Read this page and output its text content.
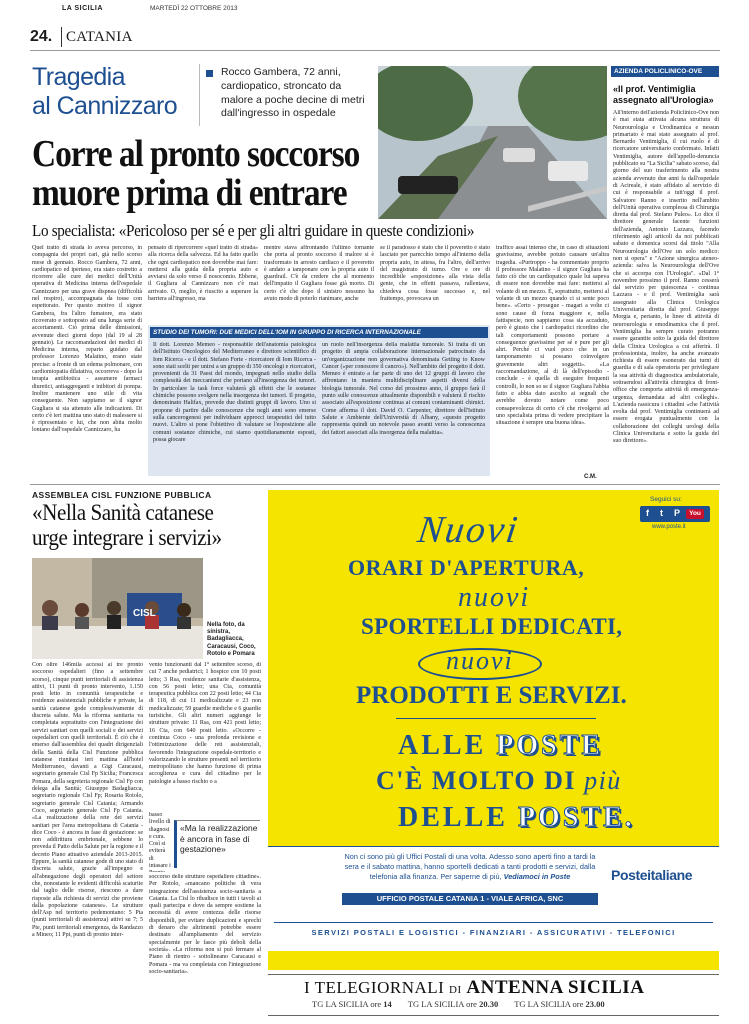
LA SICILIA	MARTEDÌ 22 OTTOBRE 2013
24. CATANIA
Tragedia
al Cannizzaro
Rocco Gambera, 72 anni, cardiopatico, stroncato da malore a poche decine di metri dall'ingresso in ospedale
Corre al pronto soccorso
muore prima di entrare
Lo specialista: «Pericoloso per sé e per gli altri guidare in queste condizioni»
Quel tratto di strada lo aveva percorso, in compagnia dei propri cari, già nello scorso mese di gennaio. Rocco Gambera, 72 anni, cardiopatico ed iperteso, era stato costretto a ricorrere alle cure dei medici dell'Unità operativa di Medicina interna dell'ospedale Cannizzaro per una grave dispnea (difficoltà nel respiro), accompagnata da tosse con espettorato. Per questo motivo il signor Gambera, fra l'altro fumatore, era stato ricoverato e sottoposto ad una lunga serie di accertamenti. Ciò prima delle dimissioni, avvenute dieci giorni dopo (dal 19 al 28 gennaio). Le raccomandazioni dei medici di Medicina interna, reparto guidato dal professor Lorenzo Malatino, erano state precise: a fronte di un edema polmonare, con cardiomiopatia dilatativa, occorreva - dopo la terapia antibiotica - assumere farmaci diuretici, antiaggreganti e inibitori di pompa. Inoltre mantenere uno stile di vita conseguente. Non sappiamo se il signor Gugliara si sia attenuto alle indicazioni. Di certo c'è ieri mattina uno stato di malessere si è ripresentato e lui, che non abita molto lontano dall'ospedale Cannizzaro, ha
pensato di ripercorrere «quel tratto di strada» alla ricerca della salvezza. Ed ha fatto quello che ogni cardiopatico non dovrebbe mai fare: mettersi alla guida della propria auto e avviarsi da solo verso il nosocomio. Ebbene, il Gugliara al Cannizzaro non c'è mai arrivato. O, meglio, è riuscito a superare la barriera all'ingresso, ma
mentre stava affrontando l'ultimo tornante che porta al pronto soccorso il malore si è trasformato in arresto cardiaco e il poveretto è andato a tamponare con la propria auto il guardrail. C'è da credere che al momento dell'impatto il Gugliara fosse già morto. Di certo c'è che dopo il sinistro nessuno ha avuto modo di poterlo rianimare, anche
se il paradosso è stato che il poveretto è stato lasciato per parecchio tempo all'interno della propria auto, in attesa, fra l'altro, dell'arrivo del magistrato di turno. Ore e ore di incredibile «esposizione» alla vista della gente, che in effetti passava, rallentava, chiedeva cosa fosse successo e, nel frattempo, provocava un
traffico assai intenso che, in caso di situazioni gravissime, avrebbe potuto causare un'altra tragedia. «Purtroppo - ha commentato proprio il professore Malatino - il signor Gugliara ha fatto ciò che un cardiopatico quale lui sapeva di essere non dovrebbe mai fare: mettersi al volante di un mezzo. È, soprattutto, mettersi al volante di un mezzo quando ci si sente poco bene». «Certo - prosegue - magari a volte ci sono cause di forza maggiore e, nella fattispecie, non sappiamo cosa sia accaduto, però è giusto che i cardiopatici ricordino che tali comportamenti possono portare a conseguenze gravissime per sé e pure per gli altri. Perché ci vuol poco che in un tamponamento si possano coinvolgere gravemente altri soggetti». «La raccomandazione, al di là dell'episodio - conclude - è quella di eseguire frequenti controlli, lo non so se il signor Gugliara l'abbia fatto e abbia dato ascolto ai segnali che avrebbe dovuto notare come poco consapevolezza di certo c'è che rivolgersi ad uno specialista prima di vedere precipitare la situazione è sempre una buona idea».
C.M.
STUDIO DEI TUMORI: DUE MEDICI DELL'IOM IN GRUPPO DI RICERCA INTERNAZIONALE
Il dott. Lorenzo Memeo - responsabile dell'anatomia patologica dell'Istituto Oncologico del Mediterraneo e direttore scientifico di Iom Ricerca - e il dott. Stefano Forte - ricercatore di Iom Ricerca - sono stati scelti per unirsi a un gruppo di 350 oncologi e ricercatori, provenienti da 31 Paesi del mondo, impegnati nello studio della complessità dei meccanismi che portano all'insorgenza dei tumori. In particolare la task force valuterà gli effetti che le sostanze chimiche possono svolgere nella insorgenza dei tumori. Il progetto, denominato Halifax, prevede due distinti gruppi di lavoro. Uno si propone di partire dalle conoscenze che negli anni sono emerse sulla cancerogenesi per individuare approcci terapeutici del tutto nuovi. L'altro si pone l'obiettivo di valutare se l'esposizione alle comuni sostanze chimiche, cui siamo quotidianamente esposti, possa giocare
un ruolo nell'insorgenza della malattia tumorale. Si tratta di un progetto di ampia collaborazione internazionale patrocinato da un'organizzazione non governativa denominata Getting to Know Cancer («per conoscere il cancro»). Nell'ambito del progetto il dott. Memeo è entrato a far parte di uno dei 12 gruppi di lavoro che affrontano in maniera multidisciplinare aspetti diversi della biologia tumorale. Nel corso del prossimo anno, il gruppo farà il punto sulle conoscenze attualmente disponibili e valuterà il rischio associato all'esposizione continua ai comuni contaminanti chimici. Come afferma il dott. David O. Carpenter, direttore dell'Istituto Salute e Ambiente dell'Università di Albany, «questo progetto rappresenta quindi un notevole passo avanti verso la conoscenza dei fattori associati alla insorgenza della malattia».
AZIENDA POLICLINICO-OVE
«Il prof. Ventimiglia assegnato all'Urologia»
All'interno dell'azienda Policlinico-Ove non è mai stata attivata alcuna struttura di Neurourologia e Urodinamica e nessun primariato è mai stato assegnato al prof. Bernardo Ventimiglia, il cui ruolo è di ricercatore universitario confermato. Infatti Ventimiglia, autore dell'appello-denuncia pubblicato su "La Sicilia" sabato scorso, dal giorno del suo trasferimento alla nostra azienda avvenuto due anni fa dall'ospedale di Acireale, è stato affidato al servizio di cui è responsabile a tutt'oggi il prof. Salvatore Ranno e inserito nell'ambito dell'Unità operativa complessa di Chirurgia diretta dal prof. Stefano Puleo». Lo dice il direttore generale facente funzioni dell'azienda, Antonio Lazzara, facendo riferimento agli articoli da noi pubblicati sabato e domenica scorsi dal titolo "Alla Neurourologia dell'Ove un solo medico: non si opera" e "Azione sinergica ateneo-azienda: salva la Neurourologia dell'Ove che si accorpa con l'Urologia". «Dal 1° novembre prossimo il prof. Ranno cesserà dal servizio per quiescenza - continua Lazzara - e il prof. Ventimiglia sarà assegnato alla Clinica Urologica Universitaria diretta dal prof. Giuseppe Morgia e, pertanto, le linee di attività di neurourologia e emodinamica che il prof. Ventimiglia ha sempre curato potranno essere garantite sotto la guida del direttore della Clinica Urologica a cui afferirà. Il professionista, inoltre, ha anche avanzato richiesta di essere esonerato dai turni di guardia e di sala operatoria per privilegiare la sua attività di diagnostica ambulatoriale, sottraendosi all'attività chirurgica di front-office che comporta attività di emergenza-urgenza, demandata ad altri colleghi». L'azienda rassicura i cittadini «che l'attività svolta dal prof. Ventimiglia continuerà ad essere erogata puntualmente con la collaborazione dei colleghi urologi della Clinica Universitaria e sotto la guida del suo direttore».
ASSEMBLEA CISL FUNZIONE PUBBLICA
«Nella Sanità catanese
urge integrare i servizi»
CISL
Nella foto, da sinistra, Badagliacca, Caracausi, Coco, Rotolo e Pomara
Con oltre 146mila accessi ai tre pronto soccorso ospedalieri (fino a settembre scorso), cinque punti territoriali di assistenza attivi, 11 punti di pronto intervento, 1.150 posti letto in comunità terapeutiche e residenze assistenziali pubbliche e private, la sanità catanese gode complessivamente di discreta salute. Ma la riforma sanitaria va completata soprattutto con l'integrazione dei servizi sanitari con quelli sociali e dei servizi ospedalieri con quelli territoriali. È ciò che è emerso dall'assemblea dei quadri dirigenziali della Sanità della Cisl Funzione pubblica catanese riunitasi ieri mattina all'hotel Mediterraneo, davanti a Gigi Caracausi, segretario generale Cisl Fp Sicilia; Francesca Pomara, della segreteria regionale Cisl Fp con delega alla Sanità; Giuseppe Badagliacca, segretario regionale Cisl Fp; Rosaria Rotolo, segretario generale Cisl Catania; Armando Coco, segretario generale Cisl Fp Catania. «La realizzazione della rete dei servizi sanitari per l'area metropolitana di Catania - dice Coco - è ancora in fase di gestazione: se non addirittura embrionale, sebbene lo preveda il Patto della Salute per la regione e il decreto Piano attuativo aziendale 2013-2015. Eppure, la sanità catanese gode di uno stato di discreta salute, grazie all'impegno e all'abnegazione degli operatori del settore che, nonostante le evidenti difficoltà scaturite dal taglio delle risorse, riescono a dare risposte alla richiesta di servizi che proviene dalla popolazione catanese». Le strutture dell'Asp nel territorio pedemontano: 5 Pta (punti territoriali di assistenza) attivi su 7; 5 Pte, punti territoriali emergenza, da Randazzo a Mineo; 11 Ppi, punti di pronto inter-
vento funzionanti dal 1° settembre scorso, di cui 7 anche pediatrici; 1 hospice con 10 posti letto; 3 Rsa, residenze sanitarie d'assistenza, con 56 posti letto; una Cta, comunità terapeutica pubblica con 22 posti letto; 44 Cta di 118, di cui 11 medicalizzate e 23 non medicalizzate; 59 guardie mediche e 6 guardie turistiche. Gli altri numeri aggiunge le strutture private: 11 Rsa, con 421 posti letto; 16 Cta, con 640 posti letto. «Occorre - continua Coco - una profonda revisione e l'ottimizzazione delle reti assistenziali, favorendo l'integrazione ospedale-territorio e valorizzando le strutture presenti nel territorio metropolitano che hanno funzione di prima accoglienza e cura del cittadino per le patologie a basso rischio o a
basso livello di diagnosi e cura. Così si eviterà di intasare i
«Ma la realizzazione è ancora in fase di gestazione»
soccorso delle strutture ospedaliere cittadine». Per Rotolo, «mancano politiche di vera integrazione dell'assistenza socio-sanitaria a Catania. La Cisl lo ribadisce in tutti i tavoli ai quali partecipa e dove da sempre sostiene la necessità di avere contezza delle risorse disponibili, per evitare duplicazioni e sprechi di denaro che altrimenti potrebbe essere destinato all'ampliamento del servizio specialmente per le fasce più deboli della società». «La riforma non si può fermare al Piano di rientro - sottolineano Caracausi e Pomara - ma va completata con l'integrazione socio-sanitaria».
Seguici su:
f	t	P	You
www.poste.it
Nuovi
ORARI D'APERTURA,
nuovi
SPORTELLI DEDICATI,
nuovi
PRODOTTI E SERVIZI.
ALLE POSTE
C'È MOLTO DI più
DELLE POSTE.
Non ci sono più gli Uffici Postali di una volta. Adesso sono aperti fino a tardi la sera e il sabato mattina, hanno sportelli dedicati a tanti prodotti e servizi, dalla telefonia alla finanza. Per saperne di più, Vediamoci in Poste
UFFICIO POSTALE CATANIA 1 - VIALE AFRICA, SNC
Posteitaliane
SERVIZI POSTALI E LOGISTICI - FINANZIARI - ASSICURATIVI - TELEFONICI
I TELEGIORNALI DI ANTENNA SICILIA
TG LA SICILIA ore 14 TG LA SICILIA ore 20.30 TG LA SICILIA ore 23.00
